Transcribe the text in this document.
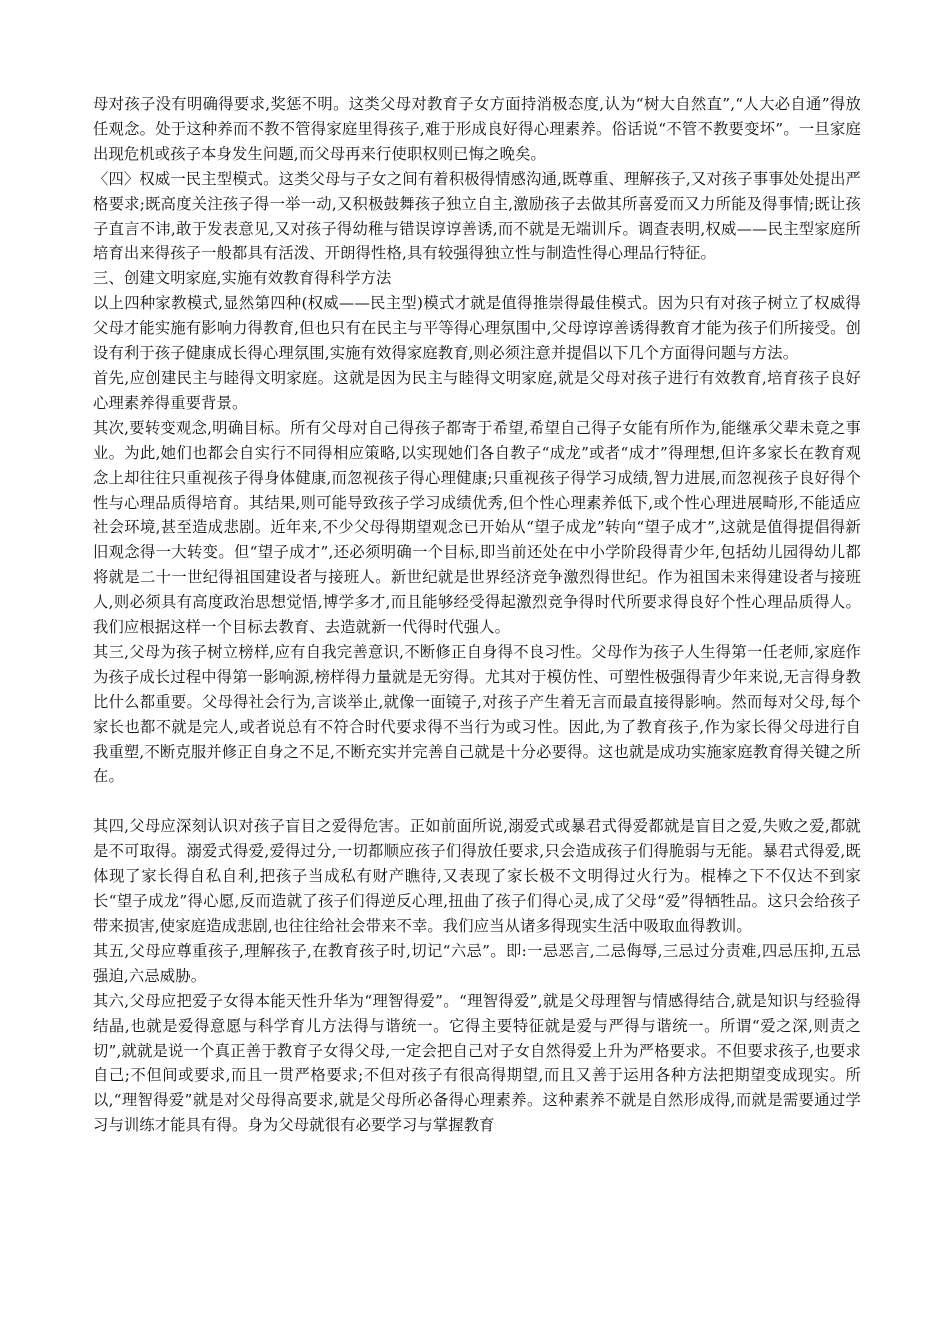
母对孩子没有明确得要求,奖惩不明。这类父母对教育子女方面持消极态度,认为“树大自然直”,“人大必自通”得放任观念。处于这种养而不教不管得家庭里得孩子,难于形成良好得心理素养。俗话说“不管不教要变坏”。一旦家庭出现危机或孩子本身发生问题,而父母再来行使职权则已悔之晚矣。

〈四〉权威一民主型模式。这类父母与子女之间有着积极得情感沟通,既尊重、理解孩子,又对孩子事事处处提出严格要求;既高度关注孩子得一举一动,又积极鼓舞孩子独立自主,激励孩子去做其所喜爱而又力所能及得事情;既让孩子直言不讳,敢于发表意见,又对孩子得幼稚与错误谆谆善诱,而不就是无端训斥。调查表明,权威——民主型家庭所培育出来得孩子一般都具有活泼、开朗得性格,具有较强得独立性与制造性得心理品行特征。

三、创建文明家庭,实施有效教育得科学方法

以上四种家教模式,显然第四种(权威——民主型)模式才就是值得推崇得最佳模式。因为只有对孩子树立了权威得父母才能实施有影响力得教育,但也只有在民主与平等得心理氛围中,父母谆谆善诱得教育才能为孩子们所接受。创设有利于孩子健康成长得心理氛围,实施有效得家庭教育,则必须注意并提倡以下几个方面得问题与方法。

首先,应创建民主与睦得文明家庭。这就是因为民主与睦得文明家庭,就是父母对孩子进行有效教育,培育孩子良好心理素养得重要背景。

其次,要转变观念,明确目标。所有父母对自己得孩子都寄于希望,希望自己得子女能有所作为,能继承父辈未竟之事业。为此,她们也都会自实行不同得相应策略,以实现她们各自教子“成龙”或者“成才”得理想,但许多家长在教育观念上却往往只重视孩子得身体健康,而忽视孩子得心理健康;只重视孩子得学习成绩,智力进展,而忽视孩子良好得个性与心理品质得培育。其结果,则可能导致孩子学习成绩优秀,但个性心理素养低下,或个性心理进展畸形,不能适应社会环境,甚至造成悲剧。近年来,不少父母得期望观念已开始从“望子成龙”转向“望子成才”,这就是值得提倡得新旧观念得一大转变。但“望子成才”,还必须明确一个目标,即当前还处在中小学阶段得青少年,包括幼儿园得幼儿都将就是二十一世纪得祖国建设者与接班人。新世纪就是世界经济竞争激烈得世纪。作为祖国未来得建设者与接班人,则必须具有高度政治思想觉悟,博学多才,而且能够经受得起激烈竞争得时代所要求得良好个性心理品质得人。我们应根据这样一个目标去教育、去造就新一代得时代强人。

其三,父母为孩子树立榜样,应有自我完善意识,不断修正自身得不良习性。父母作为孩子人生得第一任老师,家庭作为孩子成长过程中得第一影响源,榜样得力量就是无穷得。尤其对于模仿性、可塑性极强得青少年来说,无言得身教比什么都重要。父母得社会行为,言谈举止,就像一面镜子,对孩子产生着无言而最直接得影响。然而每对父母,每个家长也都不就是完人,或者说总有不符合时代要求得不当行为或习性。因此,为了教育孩子,作为家长得父母进行自我重塑,不断克服并修正自身之不足,不断充实并完善自己就是十分必要得。这也就是成功实施家庭教育得关键之所在。

其四,父母应深刻认识对孩子盲目之爱得危害。正如前面所说,溺爱式或暴君式得爱都就是盲目之爱,失败之爱,都就是不可取得。溺爱式得爱,爱得过分,一切都顺应孩子们得放任要求,只会造成孩子们得脆弱与无能。暴君式得爱,既体现了家长得自私自利,把孩子当成私有财产瞧待,又表现了家长极不文明得过火行为。棍棒之下不仅达不到家长“望子成龙”得心愿,反而造就了孩子们得逆反心理,扭曲了孩子们得心灵,成了父母“爱”得牺牲品。这只会给孩子带来损害,使家庭造成悲剧,也往往给社会带来不幸。我们应当从诸多得现实生活中吸取血得教训。

其五,父母应尊重孩子,理解孩子,在教育孩子时,切记“六忌”。即:一忌恶言,二忌侮辱,三忌过分责难,四忌压抑,五忌强迫,六忌威胁。

其六,父母应把爱子女得本能天性升华为“理智得爱”。“理智得爱”,就是父母理智与情感得结合,就是知识与经验得结晶,也就是爱得意愿与科学育儿方法得与谐统一。它得主要特征就是爱与严得与谐统一。所谓“爱之深,则责之切”,就就是说一个真正善于教育子女得父母,一定会把自己对子女自然得爱上升为严格要求。不但要求孩子,也要求自己;不但间或要求,而且一贯严格要求;不但对孩子有很高得期望,而且又善于运用各种方法把期望变成现实。所以,“理智得爱”就是对父母得高要求,就是父母所必备得心理素养。这种素养不就是自然形成得,而就是需要通过学习与训练才能具有得。身为父母就很有必要学习与掌握教育
